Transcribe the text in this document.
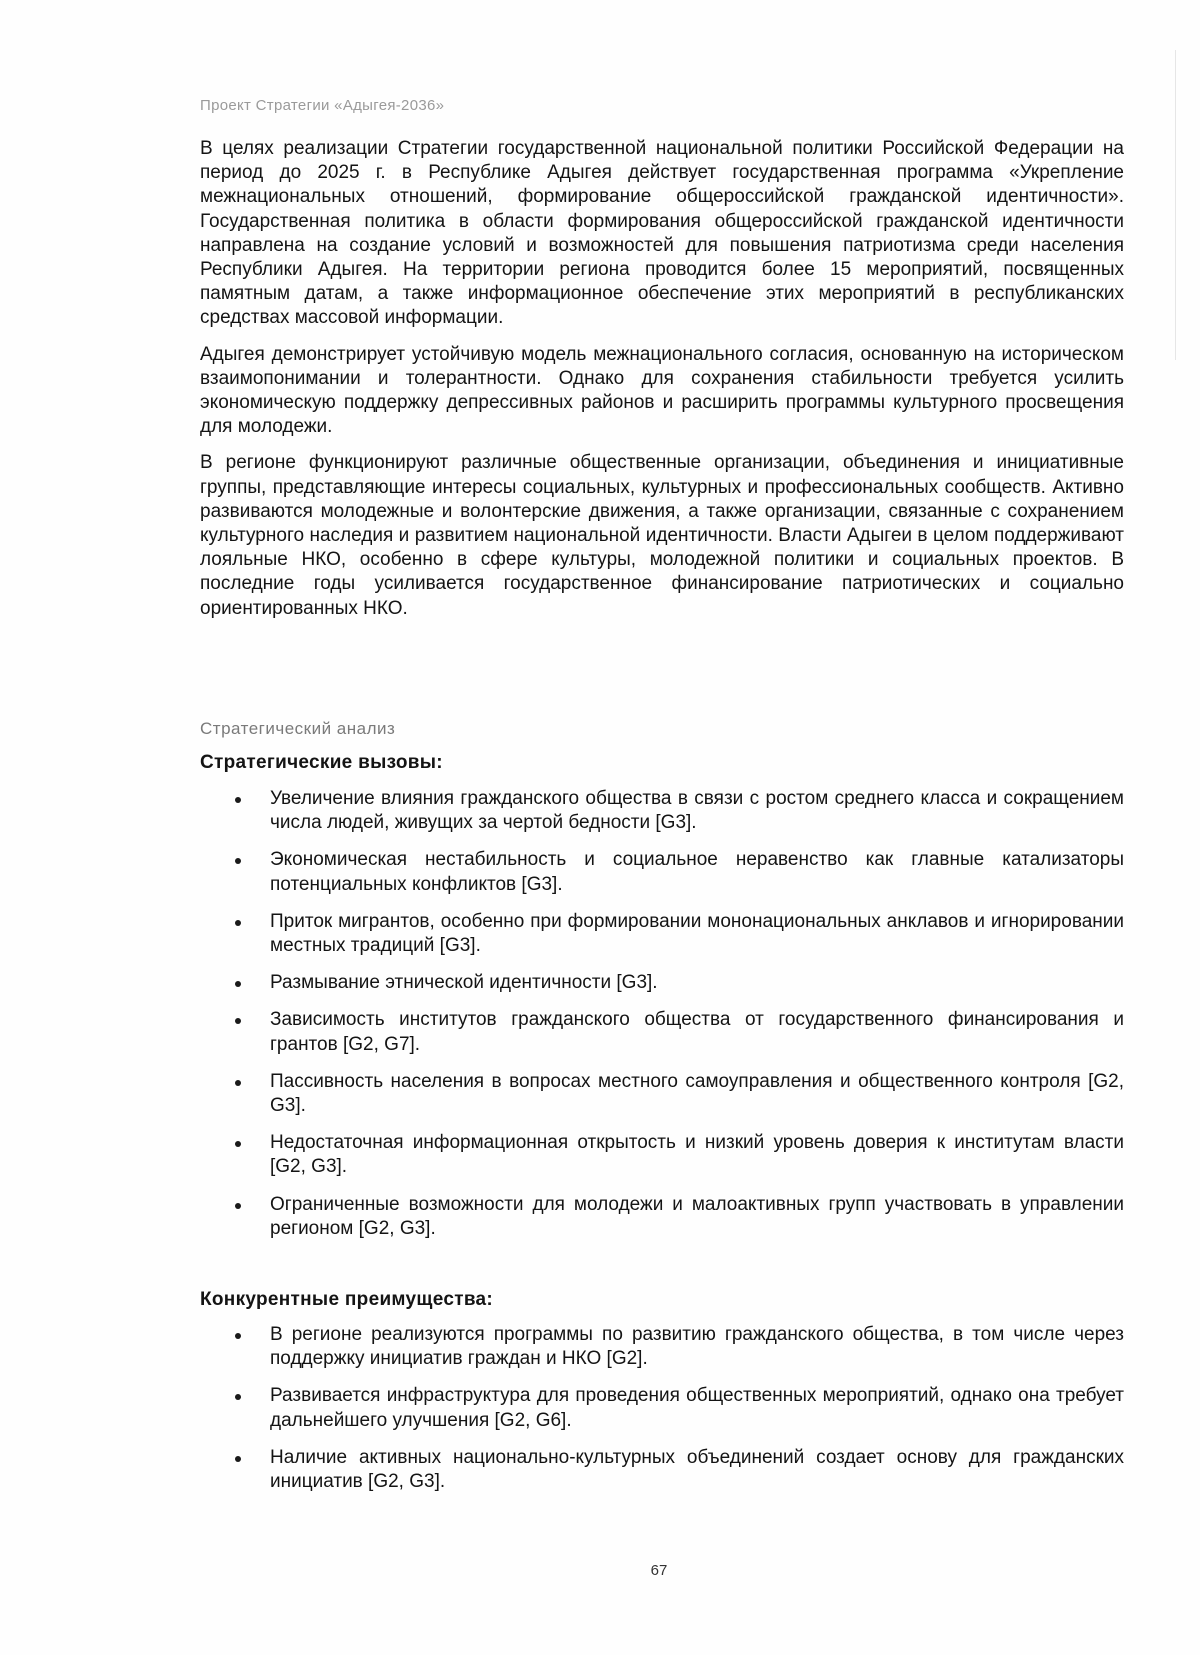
Проект Стратегии «Адыгея-2036»

В целях реализации Стратегии государственной национальной политики Российской Федерации на период до 2025 г. в Республике Адыгея действует государственная программа «Укрепление межнациональных отношений, формирование общероссийской гражданской идентичности». Государственная политика в области формирования общероссийской гражданской идентичности направлена на создание условий и возможностей для повышения патриотизма среди населения Республики Адыгея. На территории региона проводится более 15 мероприятий, посвященных памятным датам, а также информационное обеспечение этих мероприятий в республиканских средствах массовой информации.

Адыгея демонстрирует устойчивую модель межнационального согласия, основанную на историческом взаимопонимании и толерантности. Однако для сохранения стабильности требуется усилить экономическую поддержку депрессивных районов и расширить программы культурного просвещения для молодежи.

В регионе функционируют различные общественные организации, объединения и инициативные группы, представляющие интересы социальных, культурных и профессиональных сообществ. Активно развиваются молодежные и волонтерские движения, а также организации, связанные с сохранением культурного наследия и развитием национальной идентичности. Власти Адыгеи в целом поддерживают лояльные НКО, особенно в сфере культуры, молодежной политики и социальных проектов. В последние годы усиливается государственное финансирование патриотических и социально ориентированных НКО.

Стратегический анализ
Стратегические вызовы:
Увеличение влияния гражданского общества в связи с ростом среднего класса и сокращением числа людей, живущих за чертой бедности [G3].
Экономическая нестабильность и социальное неравенство как главные катализаторы потенциальных конфликтов [G3].
Приток мигрантов, особенно при формировании мононациональных анклавов и игнорировании местных традиций [G3].
Размывание этнической идентичности [G3].
Зависимость институтов гражданского общества от государственного финансирования и грантов [G2, G7].
Пассивность населения в вопросах местного самоуправления и общественного контроля [G2, G3].
Недостаточная информационная открытость и низкий уровень доверия к институтам власти [G2, G3].
Ограниченные возможности для молодежи и малоактивных групп участвовать в управлении регионом [G2, G3].
Конкурентные преимущества:
В регионе реализуются программы по развитию гражданского общества, в том числе через поддержку инициатив граждан и НКО [G2].
Развивается инфраструктура для проведения общественных мероприятий, однако она требует дальнейшего улучшения [G2, G6].
Наличие активных национально-культурных объединений создает основу для гражданских инициатив [G2, G3].
67
